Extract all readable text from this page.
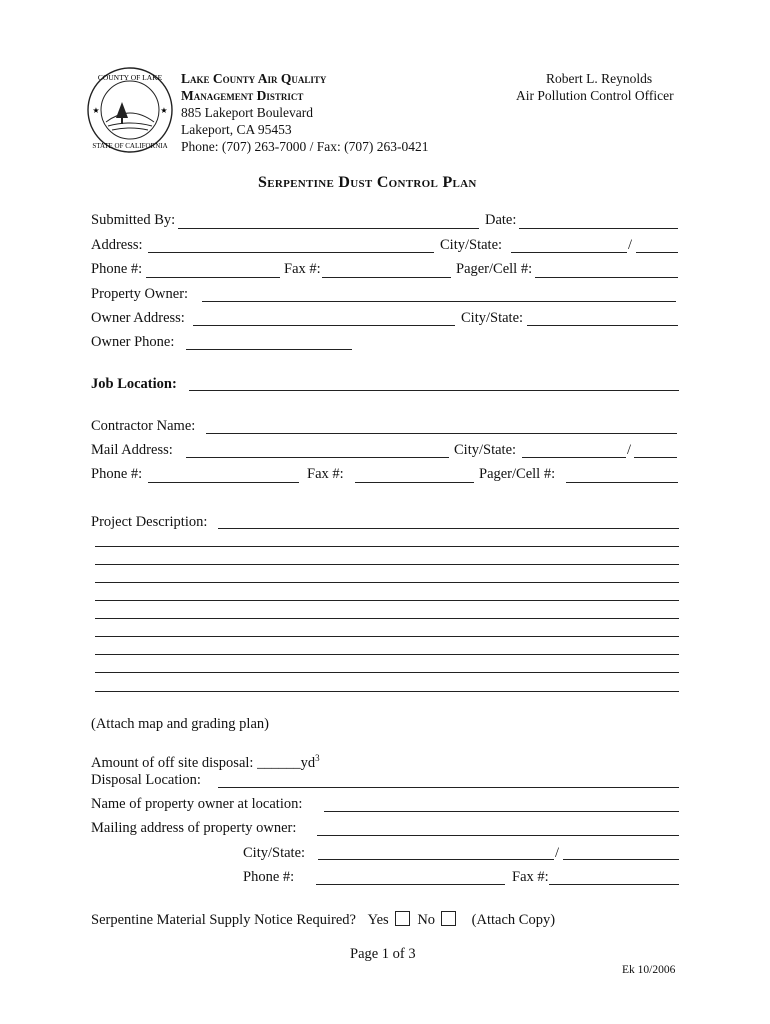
COUNTY OF LAKE
STATE OF CALIFORNIA
★	★
Lake County Air Quality
Management District
885 Lakeport Boulevard
Lakeport, CA 95453
Phone: (707) 263-7000 / Fax: (707) 263-0421
Robert L. Reynolds
Air Pollution Control Officer
Serpentine Dust Control Plan
Submitted By:	Date:
Address:	City/State:	/
Phone #:	Fax #:	Pager/Cell #:
Property Owner:
Owner Address:	City/State:
Owner Phone:
Job Location:
Contractor Name:
Mail Address:	City/State:	/
Phone #:	Fax #:	Pager/Cell #:
Project Description:
(Attach map and grading plan)
Amount of off site disposal: $\_\_\_\_\_\_yd^3$
Disposal Location:
Name of property owner at location:
Mailing address of property owner:
City/State:	/
Phone #:	Fax #:
Serpentine Material Supply Notice Required? Yes No	(Attach Copy)
Page 1 of 3
Ek 10/2006
